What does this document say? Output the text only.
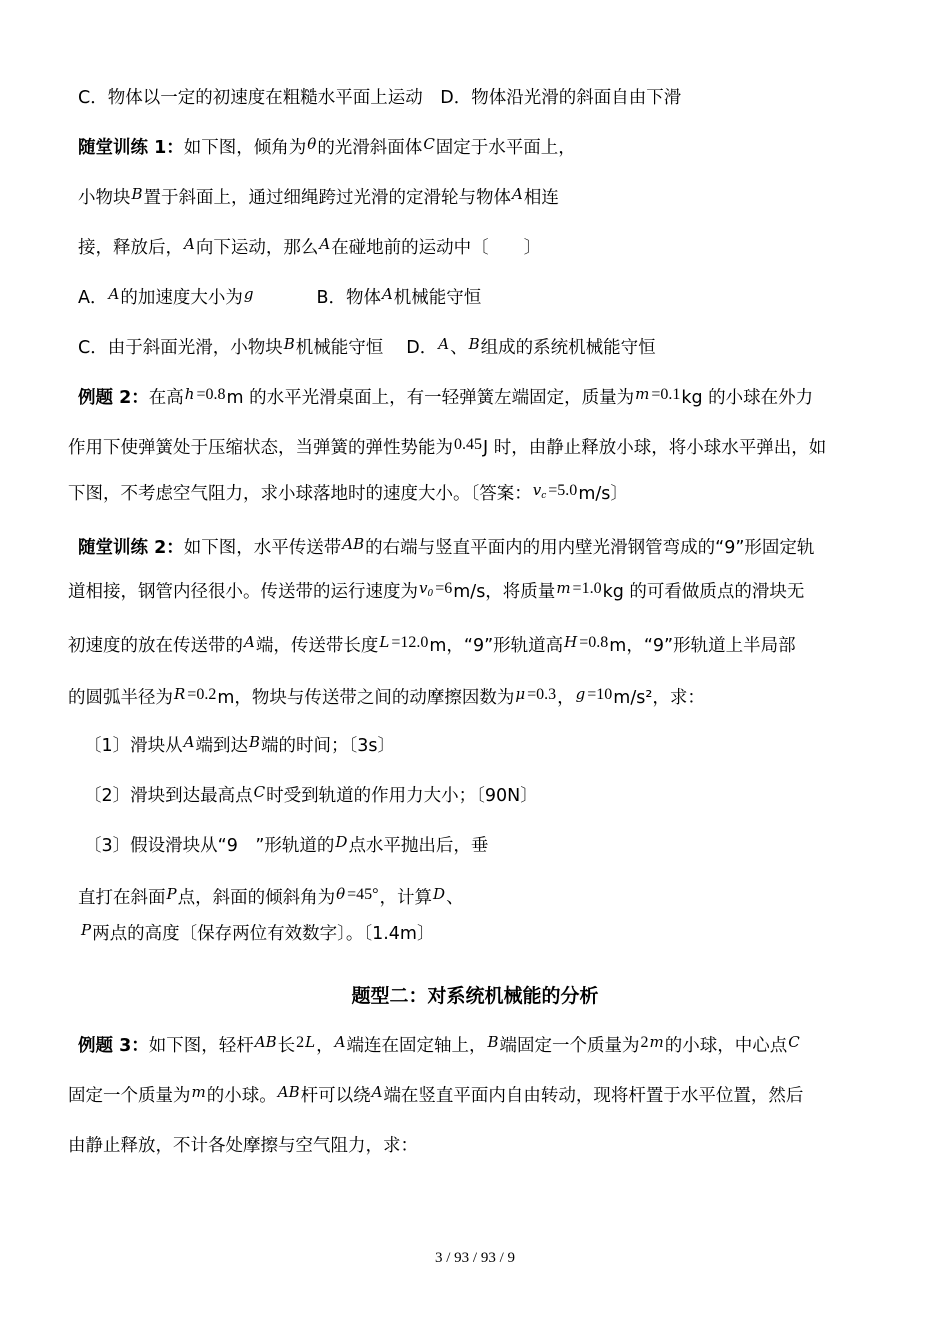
C．物体以一定的初速度在粗糙水平面上运动　D．物体沿光滑的斜面自由下滑
随堂训练 1：如下图，倾角为θ的光滑斜面体C固定于水平面上，
小物块B置于斜面上，通过细绳跨过光滑的定滑轮与物体A相连
接，释放后，A向下运动，那么A在碰地前的运动中〔　　〕
A．A的加速度大小为g	B．物体A机械能守恒
C．由于斜面光滑，小物块B机械能守恒　 D．A、B组成的系统机械能守恒
例题 2：在高h =0.8m 的水平光滑桌面上，有一轻弹簧左端固定，质量为m =0.1kg 的小球在外力
作用下使弹簧处于压缩状态，当弹簧的弹性势能为0.45J 时，由静止释放小球，将小球水平弹出，如
下图，不考虑空气阻力，求小球落地时的速度大小。〔答案：$v_c =5.0m/s$〕
随堂训练 2：如下图，水平传送带AB的右端与竖直平面内的用内壁光滑钢管弯成的“9”形固定轨
道相接，钢管内径很小。传送带的运行速度为$v_0 =6m/s$，将质量m =1.0kg 的可看做质点的滑块无
初速度的放在传送带的A端，传送带长度L =12.0m，“9”形轨道高H =0.8m，“9”形轨道上半局部
的圆弧半径为R =0.2m，物块与传送带之间的动摩擦因数为μ =0.3，g =10m/s²，求：
〔1〕滑块从A端到达B端的时间；〔3s〕
〔2〕滑块到达最高点C时受到轨道的作用力大小；〔90N〕
〔3〕假设滑块从“9　”形轨道的D点水平抛出后，垂
直打在斜面P点，斜面的倾斜角为θ =45°，计算D、
P两点的高度〔保存两位有效数字〕。〔1.4m〕
题型二：对系统机械能的分析
例题 3：如下图，轻杆AB长2L，A端连在固定轴上，B端固定一个质量为2m的小球，中心点C
固定一个质量为m的小球。AB杆可以绕A端在竖直平面内自由转动，现将杆置于水平位置，然后
由静止释放，不计各处摩擦与空气阻力，求：
3 / 93 / 93 / 9
